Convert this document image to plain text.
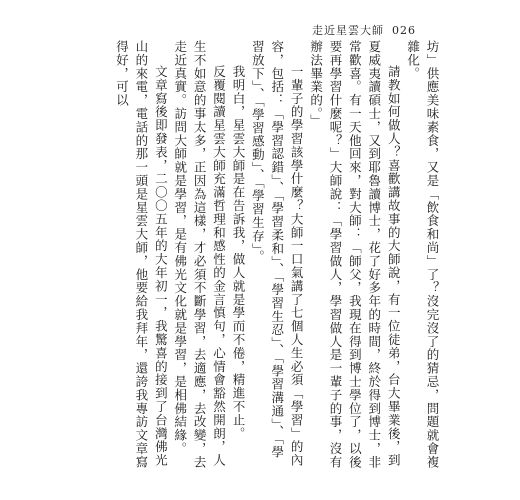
走近星雲大師 026

坊」供應美味素食，又是「飲食和尚」了？沒完沒了的猜忌，問題就會複雜化。

請教如何做人？喜歡講故事的大師說，有一位徒弟，台大畢業後，到夏威夷讀碩士，又到耶魯讀博士，花了好多年的時間，終於得到博士，非常歡喜。有一天他回來，對大師：「師父，我現在得到博士學位了，以後要再學習什麼呢？」大師說：「學習做人，學習做人是一輩子的事，沒有辦法畢業的。」

一輩子的學習該學什麼？大師一口氣講了七個人生必須「學習」的內容，包括：「學習認錯」、「學習柔和」、「學習生忍」、「學習溝通」、「學習放下」、「學習感動」、「學習生存」。

我明白，星雲大師是在告訴我，做人就是學而不倦，精進不止。

反覆閱讀星雲大師充滿哲理和感性的金言慎句，心情會豁然開朗，人生不如意的事太多，正因為這樣，才必須不斷學習，去適應，去改變，去走近真實。訪問大師就是學習，是有佛光文化就是學習，是相佛結緣。

文章寫後即發表，二〇〇五年的大年初一，我驚喜的接到了台灣佛光山的來電，電話的那一頭是星雲大師，他要給我拜年，還誇我專訪文章寫得好，可以
